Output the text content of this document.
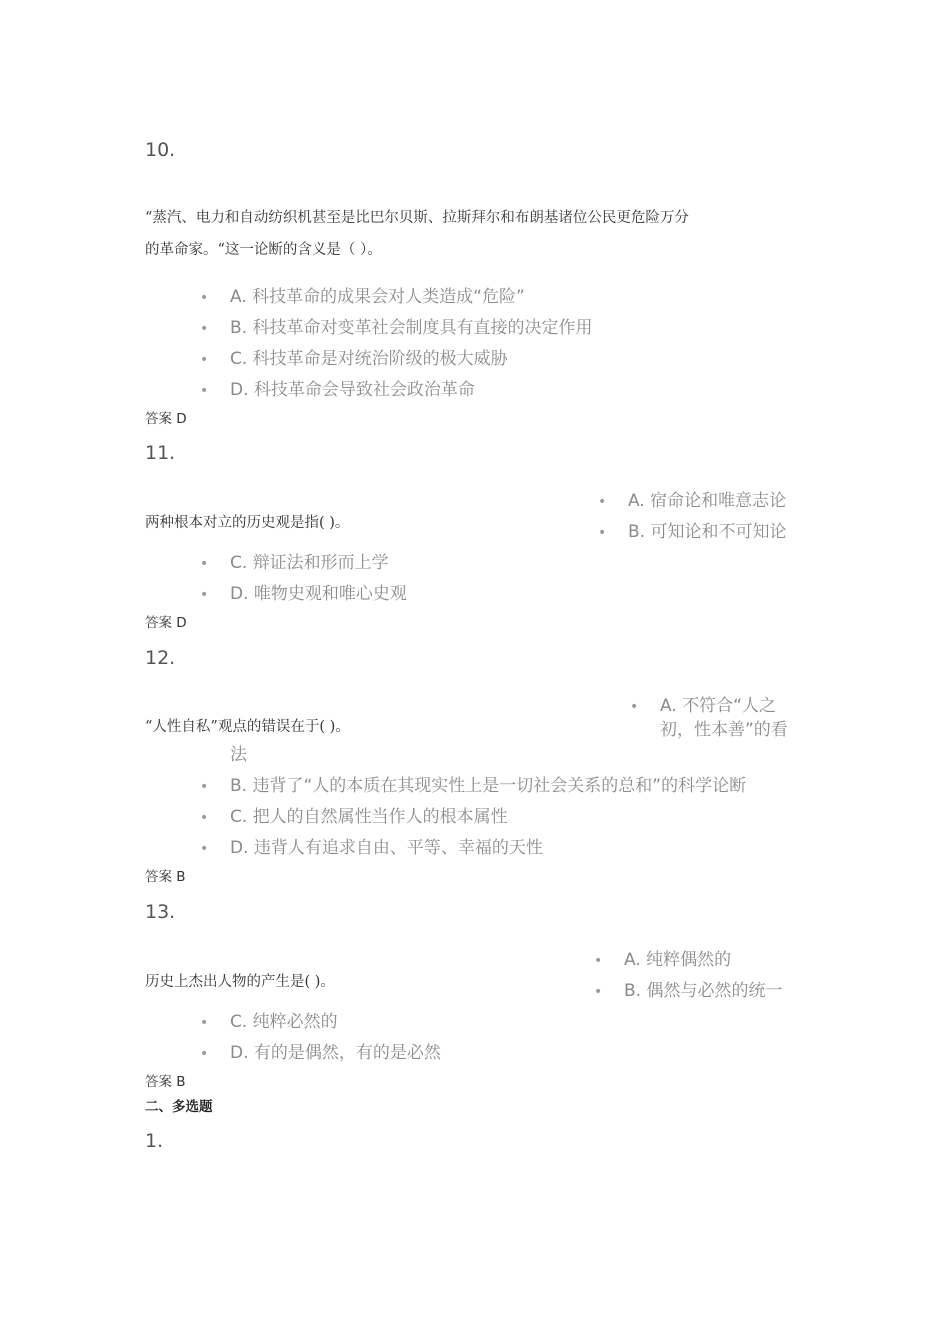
10.
“蒸汽、电力和自动纺织机甚至是比巴尔贝斯、拉斯拜尔和布朗基诸位公民更危险万分
的革命家。“这一论断的含义是（ ）。
• A. 科技革命的成果会对人类造成“危险”
• B. 科技革命对变革社会制度具有直接的决定作用
• C. 科技革命是对统治阶级的极大威胁
• D. 科技革命会导致社会政治革命
答案 D
11.
• A. 宿命论和唯意志论
• B. 可知论和不可知论
两种根本对立的历史观是指( )。
• C. 辩证法和形而上学
• D. 唯物史观和唯心史观
答案 D
12.
• A. 不符合“人之
初，性本善”的看
“人性自私”观点的错误在于( )。
法
• B. 违背了“人的本质在其现实性上是一切社会关系的总和”的科学论断
• C. 把人的自然属性当作人的根本属性
• D. 违背人有追求自由、平等、幸福的天性
答案 B
13.
• A. 纯粹偶然的
• B. 偶然与必然的统一
历史上杰出人物的产生是( )。
• C. 纯粹必然的
• D. 有的是偶然，有的是必然
答案 B
二、多选题
1.
